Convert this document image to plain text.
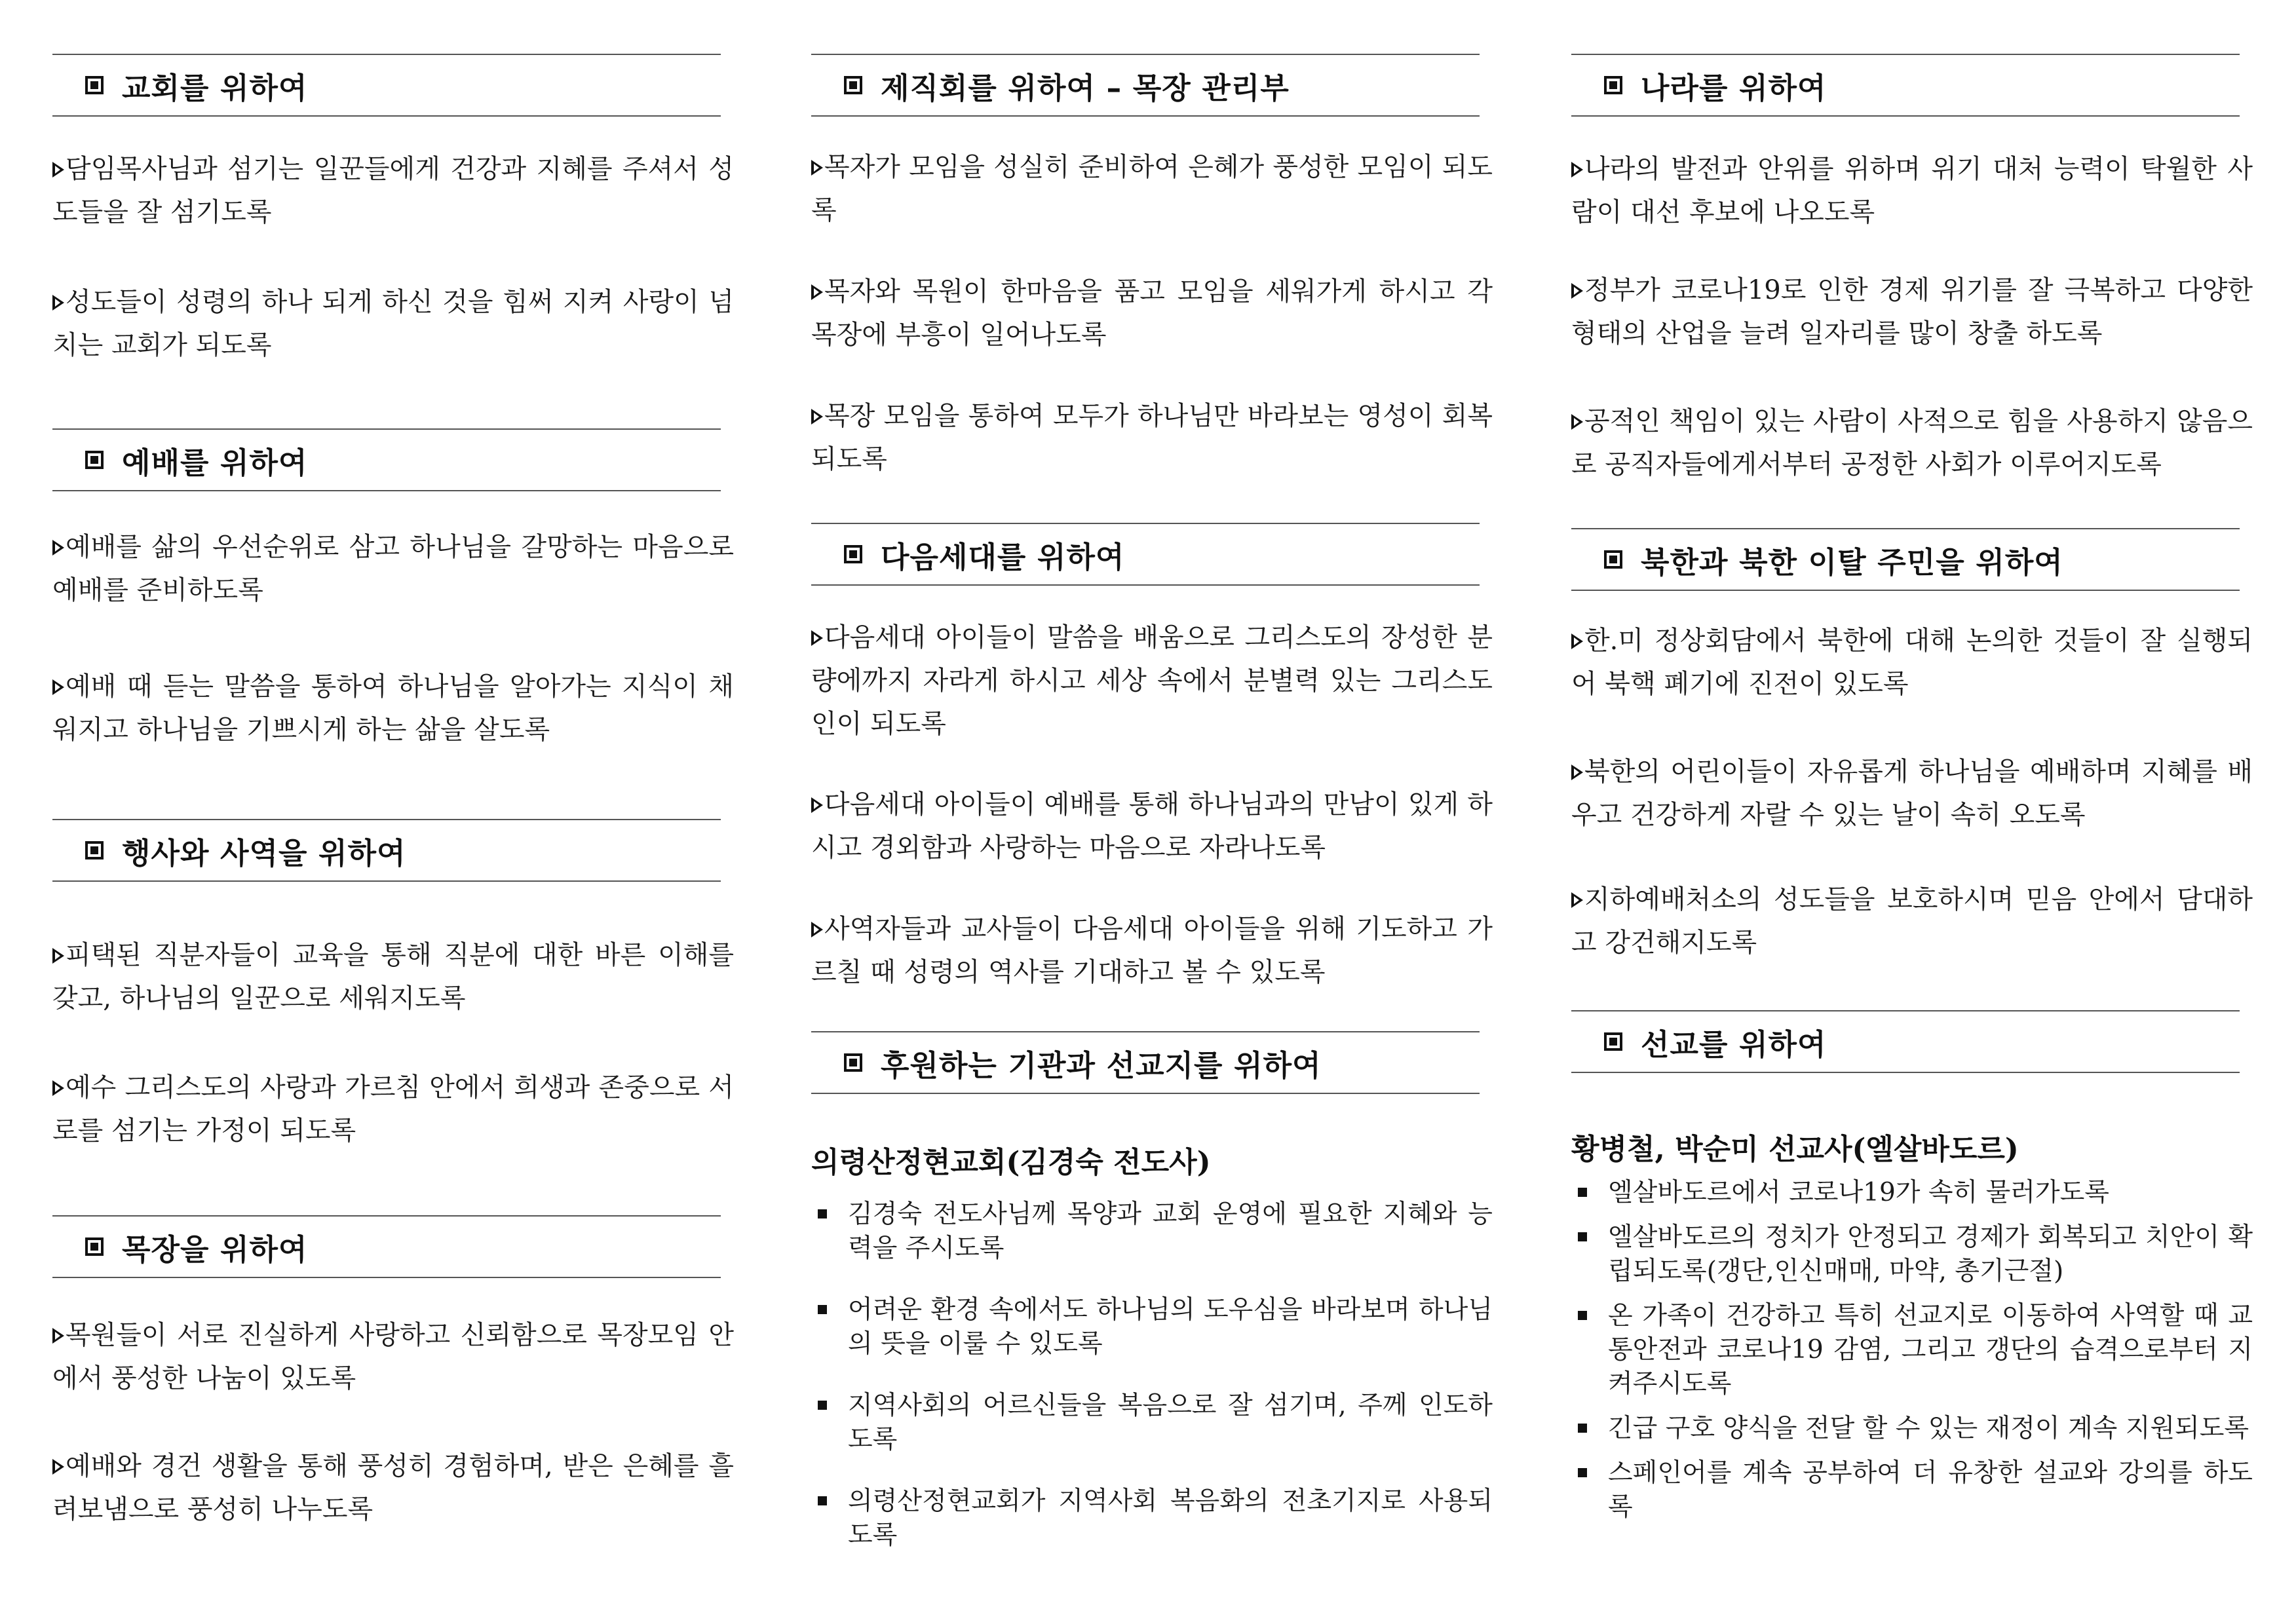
교회를 위하여

담임목사님과 섬기는 일꾼들에게 건강과 지혜를 주셔서 성도들을 잘 섬기도록

성도들이 성령의 하나 되게 하신 것을 힘써 지켜 사랑이 넘치는 교회가 되도록

예배를 위하여

예배를 삶의 우선순위로 삼고 하나님을 갈망하는 마음으로 예배를 준비하도록

예배 때 듣는 말씀을 통하여 하나님을 알아가는 지식이 채워지고 하나님을 기쁘시게 하는 삶을 살도록

행사와 사역을 위하여

피택된 직분자들이 교육을 통해 직분에 대한 바른 이해를 갖고, 하나님의 일꾼으로 세워지도록

예수 그리스도의 사랑과 가르침 안에서 희생과 존중으로 서로를 섬기는 가정이 되도록

목장을 위하여

목원들이 서로 진실하게 사랑하고 신뢰함으로 목장모임 안에서 풍성한 나눔이 있도록

예배와 경건 생활을 통해 풍성히 경험하며, 받은 은혜를 흘려보냄으로 풍성히 나누도록

제직회를 위하여 – 목장 관리부

목자가 모임을 성실히 준비하여 은혜가 풍성한 모임이 되도록

목자와 목원이 한마음을 품고 모임을 세워가게 하시고 각 목장에 부흥이 일어나도록

목장 모임을 통하여 모두가 하나님만 바라보는 영성이 회복되도록

다음세대를 위하여

다음세대 아이들이 말씀을 배움으로 그리스도의 장성한 분량에까지 자라게 하시고 세상 속에서 분별력 있는 그리스도인이 되도록

다음세대 아이들이 예배를 통해 하나님과의 만남이 있게 하시고 경외함과 사랑하는 마음으로 자라나도록

사역자들과 교사들이 다음세대 아이들을 위해 기도하고 가르칠 때 성령의 역사를 기대하고 볼 수 있도록

후원하는 기관과 선교지를 위하여

의령산정현교회(김경숙 전도사)

김경숙 전도사님께 목양과 교회 운영에 필요한 지혜와 능력을 주시도록
어려운 환경 속에서도 하나님의 도우심을 바라보며 하나님의 뜻을 이룰 수 있도록
지역사회의 어르신들을 복음으로 잘 섬기며, 주께 인도하도록
의령산정현교회가 지역사회 복음화의 전초기지로 사용되도록
나라를 위하여

나라의 발전과 안위를 위하며 위기 대처 능력이 탁월한 사람이 대선 후보에 나오도록

정부가 코로나19로 인한 경제 위기를 잘 극복하고 다양한 형태의 산업을 늘려 일자리를 많이 창출 하도록

공적인 책임이 있는 사람이 사적으로 힘을 사용하지 않음으로 공직자들에게서부터 공정한 사회가 이루어지도록

북한과 북한 이탈 주민을 위하여

한.미 정상회담에서 북한에 대해 논의한 것들이 잘 실행되어 북핵 폐기에 진전이 있도록

북한의 어린이들이 자유롭게 하나님을 예배하며 지혜를 배우고 건강하게 자랄 수 있는 날이 속히 오도록

지하예배처소의 성도들을 보호하시며 믿음 안에서 담대하고 강건해지도록

선교를 위하여

황병철, 박순미 선교사(엘살바도르)

엘살바도르에서 코로나19가 속히 물러가도록
엘살바도르의 정치가 안정되고 경제가 회복되고 치안이 확립되도록(갱단,인신매매, 마약, 총기근절)
온 가족이 건강하고 특히 선교지로 이동하여 사역할 때 교통안전과 코로나19 감염, 그리고 갱단의 습격으로부터 지켜주시도록
긴급 구호 양식을 전달 할 수 있는 재정이 계속 지원되도록
스페인어를 계속 공부하여 더 유창한 설교와 강의를 하도록
